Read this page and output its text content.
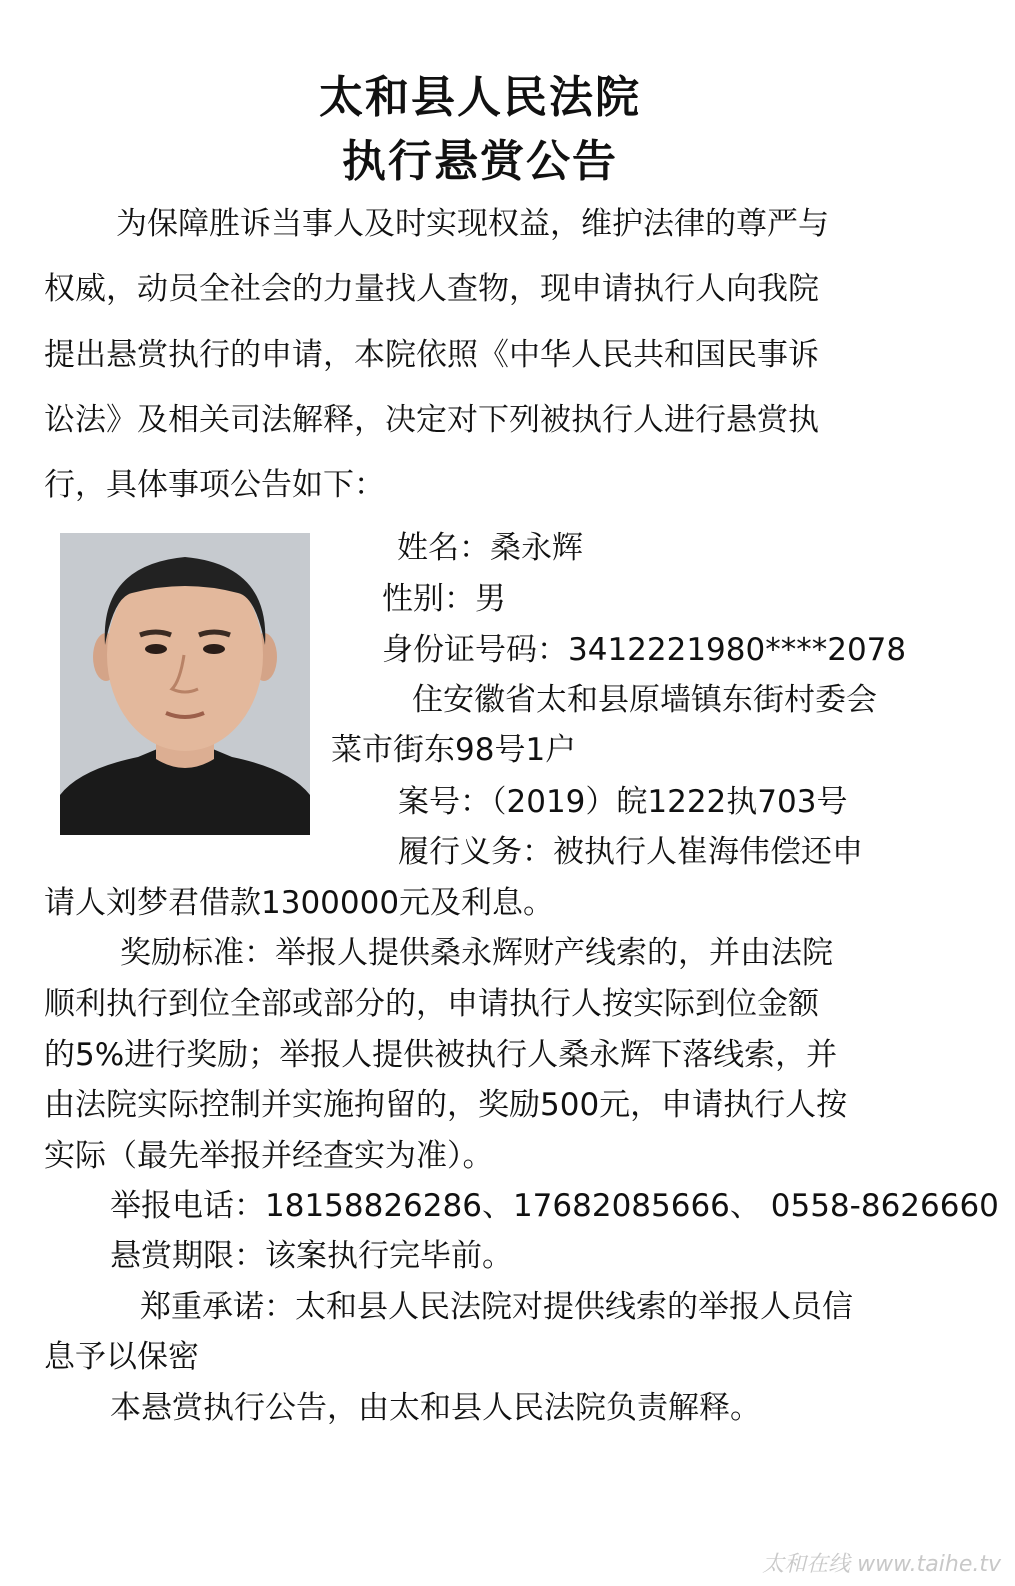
太和县人民法院
执行悬赏公告
为保障胜诉当事人及时实现权益，维护法律的尊严与
权威，动员全社会的力量找人查物，现申请执行人向我院
提出悬赏执行的申请，本院依照《中华人民共和国民事诉
讼法》及相关司法解释，决定对下列被执行人进行悬赏执
行，具体事项公告如下：
姓名：桑永辉
性别：男
身份证号码：3412221980****2078
住安徽省太和县原墙镇东街村委会
菜市街东98号1户
案号：（2019）皖1222执703号
履行义务：被执行人崔海伟偿还申
请人刘梦君借款1300000元及利息。
奖励标准：举报人提供桑永辉财产线索的，并由法院
顺利执行到位全部或部分的，申请执行人按实际到位金额
的5%进行奖励；举报人提供被执行人桑永辉下落线索，并
由法院实际控制并实施拘留的，奖励500元，申请执行人按
实际（最先举报并经查实为准）。
举报电话：18158826286、17682085666、 0558-8626660
悬赏期限：该案执行完毕前。
郑重承诺：太和县人民法院对提供线索的举报人员信
息予以保密
本悬赏执行公告，由太和县人民法院负责解释。
太和在线 www.taihe.tv
